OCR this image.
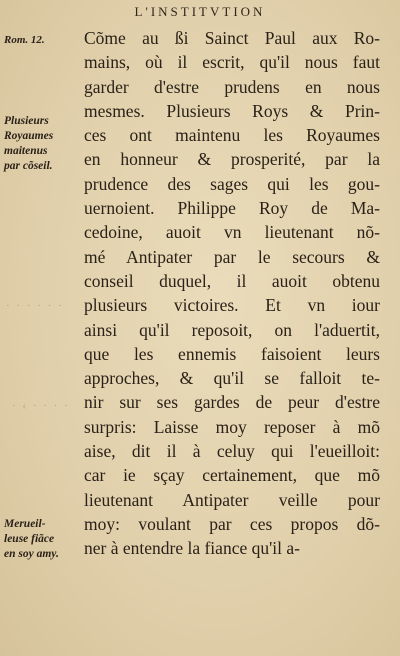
L'INSTITVTION
Rom. 12.
Plusieurs
Royaumes
maitenus
par cõseil.
Merueil-
leuse fiãce
en soy amy.
· · · · · ·
· ‹ · · · ·
Cõme au ßi Sainct Paul aux Ro-
mains, où il escrit, qu'il nous faut
garder d'estre prudens en nous
mesmes. Plusieurs Roys & Prin-
ces ont maintenu les Royaumes
en honneur & prosperité, par la
prudence des sages qui les gou-
uernoient. Philippe Roy de Ma-
cedoine, auoit vn lieutenant nõ-
mé Antipater par le secours &
conseil duquel, il auoit obtenu
plusieurs victoires. Et vn iour
ainsi qu'il reposoit, on l'aduertit,
que les ennemis faisoient leurs
approches, & qu'il se falloit te-
nir sur ses gardes de peur d'estre
surpris: Laisse moy reposer à mõ
aise, dit il à celuy qui l'eueilloit:
car ie sçay certainement, que mõ
lieutenant Antipater veille pour
moy: voulant par ces propos dõ-
ner à entendre la fiance qu'il a-
